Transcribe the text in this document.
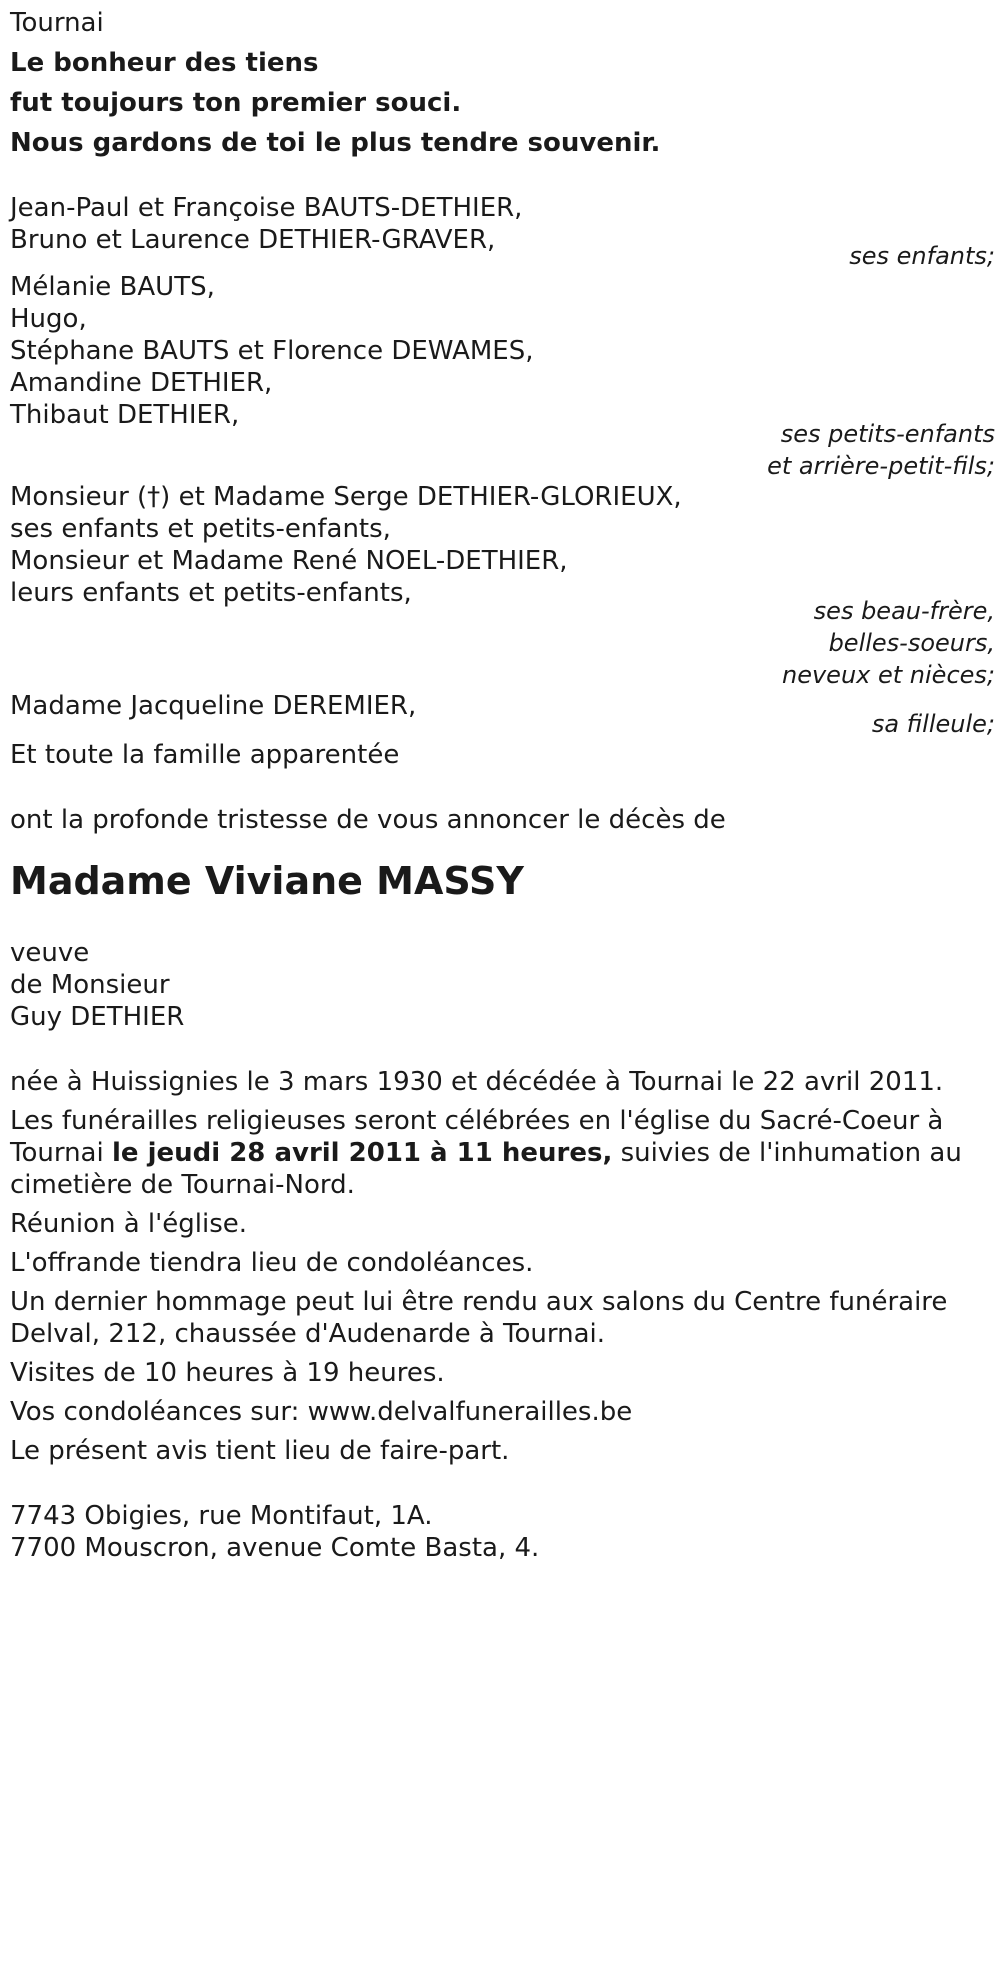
Tournai

Le bonheur des tiens

fut toujours ton premier souci.

Nous gardons de toi le plus tendre souvenir.

Jean-Paul et Françoise BAUTS-DETHIER,

Bruno et Laurence DETHIER-GRAVER,

ses enfants;

Mélanie BAUTS,

Hugo,

Stéphane BAUTS et Florence DEWAMES,

Amandine DETHIER,

Thibaut DETHIER,

ses petits-enfants

et arrière-petit-fils;

Monsieur (†) et Madame Serge DETHIER-GLORIEUX,

ses enfants et petits-enfants,

Monsieur et Madame René NOEL-DETHIER,

leurs enfants et petits-enfants,

ses beau-frère,

belles-soeurs,

neveux et nièces;

Madame Jacqueline DEREMIER,

sa filleule;

Et toute la famille apparentée

ont la profonde tristesse de vous annoncer le décès de

Madame Viviane MASSY

veuve

de Monsieur

Guy DETHIER

née à Huissignies le 3 mars 1930 et décédée à Tournai le 22 avril 2011.

Les funérailles religieuses seront célébrées en l'église du Sacré-Coeur à

Tournai le jeudi 28 avril 2011 à 11 heures, suivies de l'inhumation au

cimetière de Tournai-Nord.

Réunion à l'église.

L'offrande tiendra lieu de condoléances.

Un dernier hommage peut lui être rendu aux salons du Centre funéraire

Delval, 212, chaussée d'Audenarde à Tournai.

Visites de 10 heures à 19 heures.

Vos condoléances sur: www.delvalfunerailles.be

Le présent avis tient lieu de faire-part.

7743 Obigies, rue Montifaut, 1A.

7700 Mouscron, avenue Comte Basta, 4.
